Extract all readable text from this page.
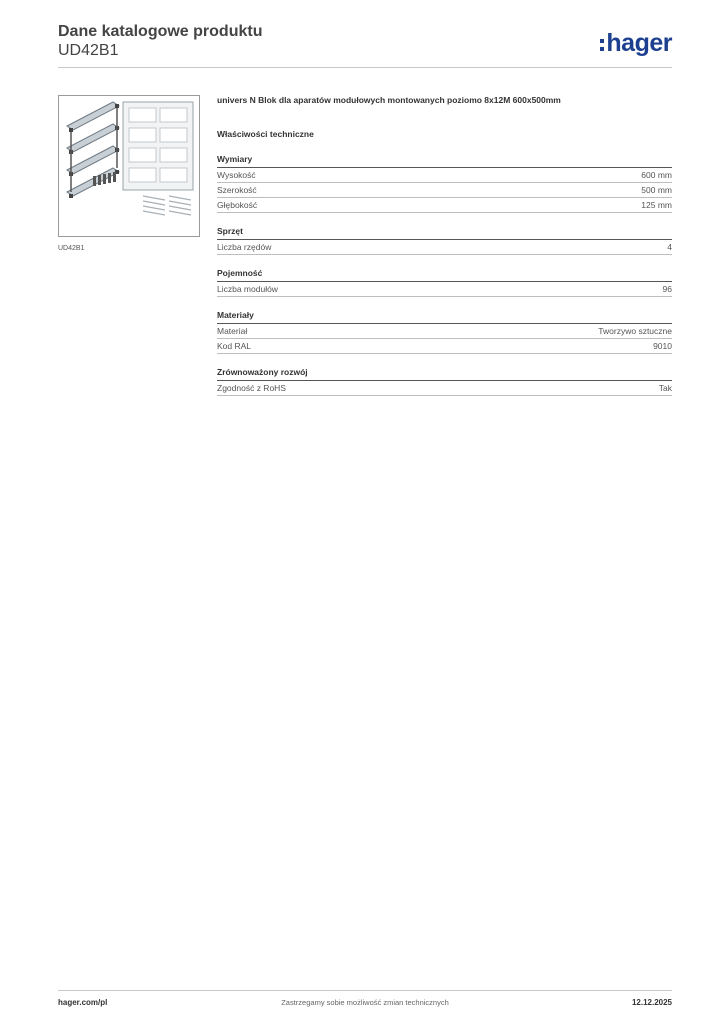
Dane katalogowe produktu
UD42B1	hager
UD42B1
univers N Blok dla aparatów modułowych montowanych poziomo 8x12M 600x500mm
Właściwości techniczne
Wymiary
Wysokość	600 mm
Szerokość	500 mm
Głębokość	125 mm
Sprzęt
Liczba rzędów	4
Pojemność
Liczba modułów	96
Materiały
Materiał	Tworzywo sztuczne
Kod RAL	9010
Zrównoważony rozwój
Zgodność z RoHS	Tak
hager.com/pl	Zastrzegamy sobie możliwość zmian technicznych	12.12.2025
